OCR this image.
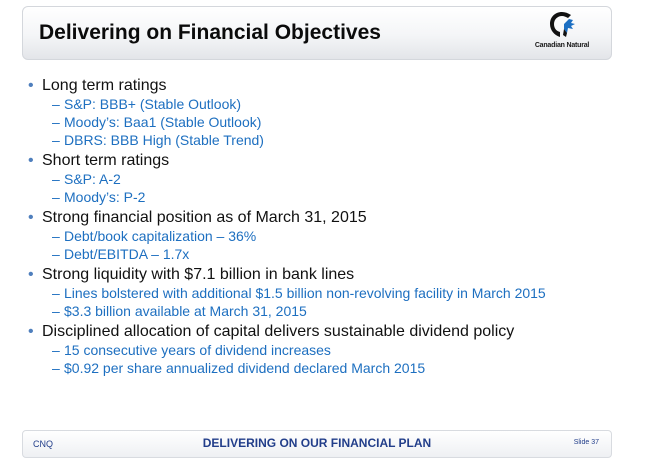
Delivering on Financial Objectives
Canadian Natural
• Long term ratings
– S&P: BBB+ (Stable Outlook)
– Moody’s: Baa1 (Stable Outlook)
– DBRS: BBB High (Stable Trend)
• Short term ratings
– S&P: A-2
– Moody’s: P-2
• Strong financial position as of March 31, 2015
– Debt/book capitalization – 36%
– Debt/EBITDA – 1.7x
• Strong liquidity with $7.1 billion in bank lines
– Lines bolstered with additional $1.5 billion non-revolving facility in March 2015
– $3.3 billion available at March 31, 2015
• Disciplined allocation of capital delivers sustainable dividend policy
– 15 consecutive years of dividend increases
– $0.92 per share annualized dividend declared March 2015
CNQ	DELIVERING ON OUR FINANCIAL PLAN	Slide 37
